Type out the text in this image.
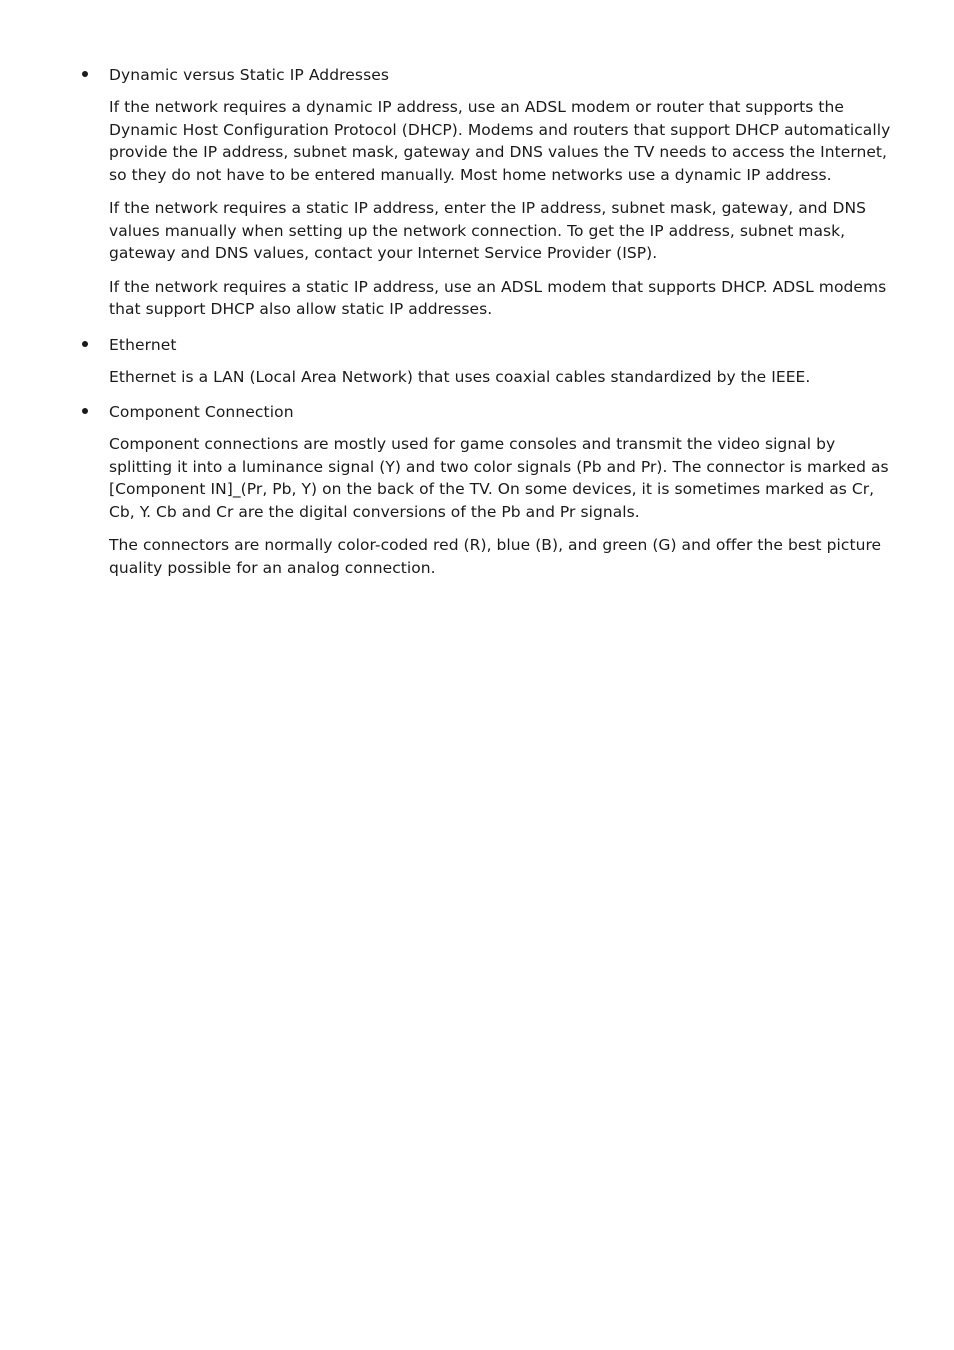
Dynamic versus Static IP Addresses

If the network requires a dynamic IP address, use an ADSL modem or router that supports the Dynamic Host Configuration Protocol (DHCP). Modems and routers that support DHCP automatically provide the IP address, subnet mask, gateway and DNS values the TV needs to access the Internet, so they do not have to be entered manually. Most home networks use a dynamic IP address.

If the network requires a static IP address, enter the IP address, subnet mask, gateway, and DNS values manually when setting up the network connection. To get the IP address, subnet mask, gateway and DNS values, contact your Internet Service Provider (ISP).

If the network requires a static IP address, use an ADSL modem that supports DHCP. ADSL modems that support DHCP also allow static IP addresses.

Ethernet

Ethernet is a LAN (Local Area Network) that uses coaxial cables standardized by the IEEE.

Component Connection

Component connections are mostly used for game consoles and transmit the video signal by splitting it into a luminance signal (Y) and two color signals (Pb and Pr). The connector is marked as [Component IN]_(Pr, Pb, Y) on the back of the TV. On some devices, it is sometimes marked as Cr, Cb, Y. Cb and Cr are the digital conversions of the Pb and Pr signals.

The connectors are normally color-coded red (R), blue (B), and green (G) and offer the best picture quality possible for an analog connection.
